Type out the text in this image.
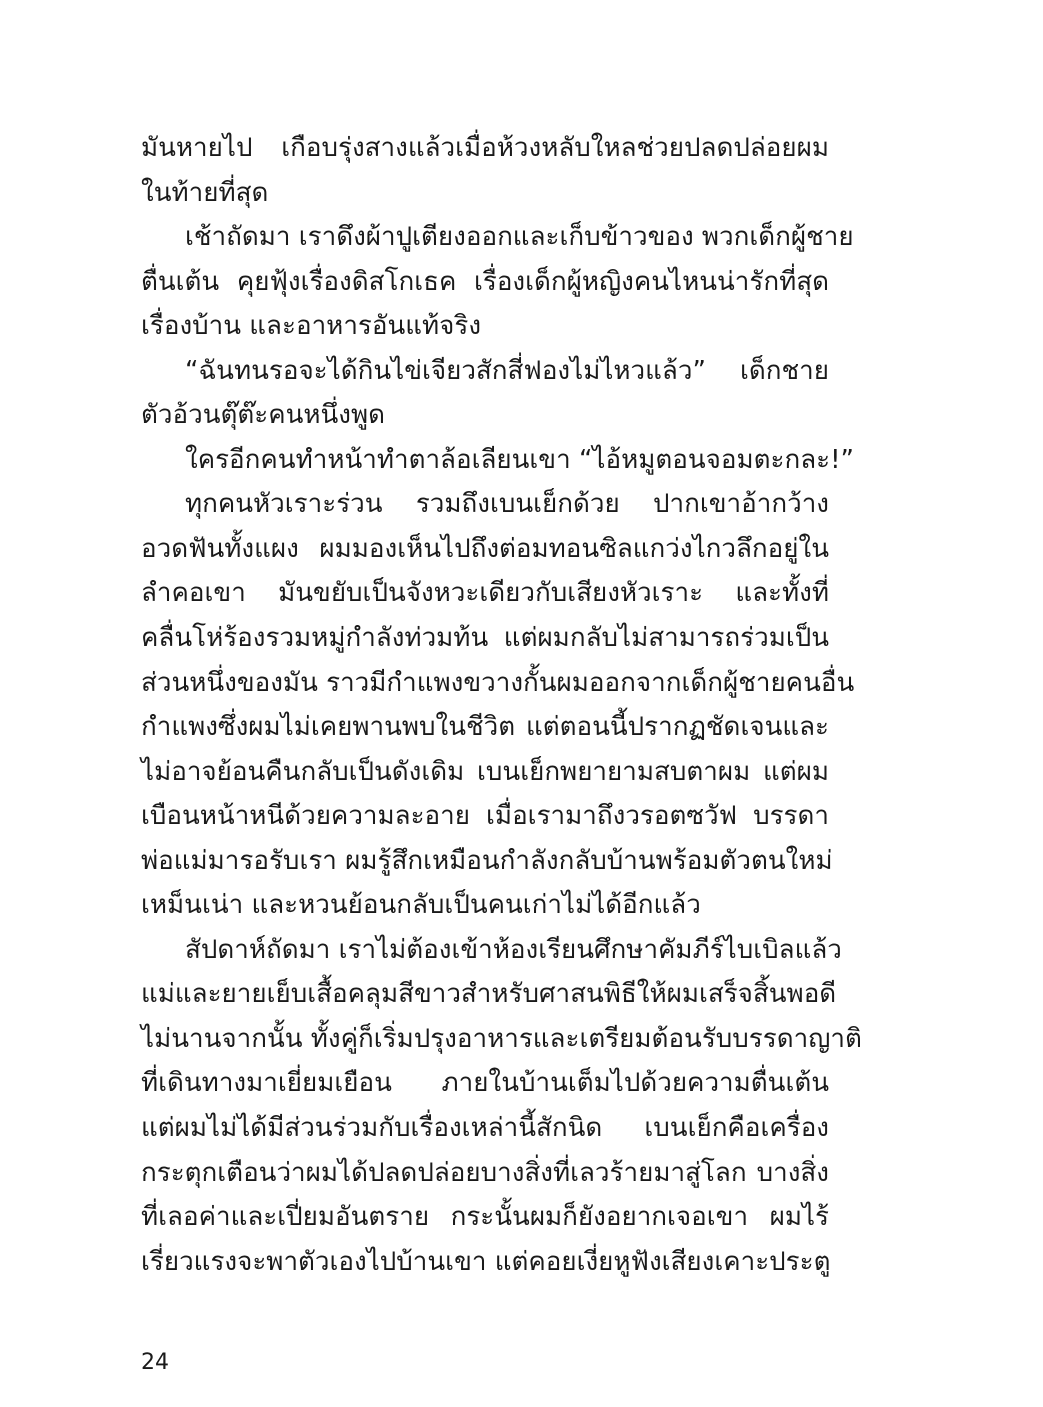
มันหายไป เกือบรุ่งสางแล้วเมื่อห้วงหลับใหลช่วยปลดปล่อยผม
ในท้ายที่สุด
เช้าถัดมา เราดึงผ้าปูเตียงออกและเก็บข้าวของ พวกเด็กผู้ชาย
ตื่นเต้น คุยฟุ้งเรื่องดิสโกเธค เรื่องเด็กผู้หญิงคนไหนน่ารักที่สุด
เรื่องบ้าน และอาหารอันแท้จริง
“ฉันทนรอจะได้กินไข่เจียวสักสี่ฟองไม่ไหวแล้ว” เด็กชาย
ตัวอ้วนตุ๊ต๊ะคนหนึ่งพูด
ใครอีกคนทำหน้าทำตาล้อเลียนเขา “ไอ้หมูตอนจอมตะกละ!”
ทุกคนหัวเราะร่วน รวมถึงเบนเย็กด้วย ปากเขาอ้ากว้าง
อวดฟันทั้งแผง ผมมองเห็นไปถึงต่อมทอนซิลแกว่งไกวลึกอยู่ใน
ลำคอเขา มันขยับเป็นจังหวะเดียวกับเสียงหัวเราะ และทั้งที่
คลื่นโห่ร้องรวมหมู่กำลังท่วมท้น แต่ผมกลับไม่สามารถร่วมเป็น
ส่วนหนึ่งของมัน ราวมีกำแพงขวางกั้นผมออกจากเด็กผู้ชายคนอื่น
กำแพงซึ่งผมไม่เคยพานพบในชีวิต แต่ตอนนี้ปรากฏชัดเจนและ
ไม่อาจย้อนคืนกลับเป็นดังเดิม เบนเย็กพยายามสบตาผม แต่ผม
เบือนหน้าหนีด้วยความละอาย เมื่อเรามาถึงวรอตซวัฟ บรรดา
พ่อแม่มารอรับเรา ผมรู้สึกเหมือนกำลังกลับบ้านพร้อมตัวตนใหม่
เหม็นเน่า และหวนย้อนกลับเป็นคนเก่าไม่ได้อีกแล้ว
สัปดาห์ถัดมา เราไม่ต้องเข้าห้องเรียนศึกษาคัมภีร์ไบเบิลแล้ว
แม่และยายเย็บเสื้อคลุมสีขาวสำหรับศาสนพิธีให้ผมเสร็จสิ้นพอดี
ไม่นานจากนั้น ทั้งคู่ก็เริ่มปรุงอาหารและเตรียมต้อนรับบรรดาญาติ
ที่เดินทางมาเยี่ยมเยือน ภายในบ้านเต็มไปด้วยความตื่นเต้น
แต่ผมไม่ได้มีส่วนร่วมกับเรื่องเหล่านี้สักนิด เบนเย็กคือเครื่อง
กระตุกเตือนว่าผมได้ปลดปล่อยบางสิ่งที่เลวร้ายมาสู่โลก บางสิ่ง
ที่เลอค่าและเปี่ยมอันตราย กระนั้นผมก็ยังอยากเจอเขา ผมไร้
เรี่ยวแรงจะพาตัวเองไปบ้านเขา แต่คอยเงี่ยหูฟังเสียงเคาะประตู
24
